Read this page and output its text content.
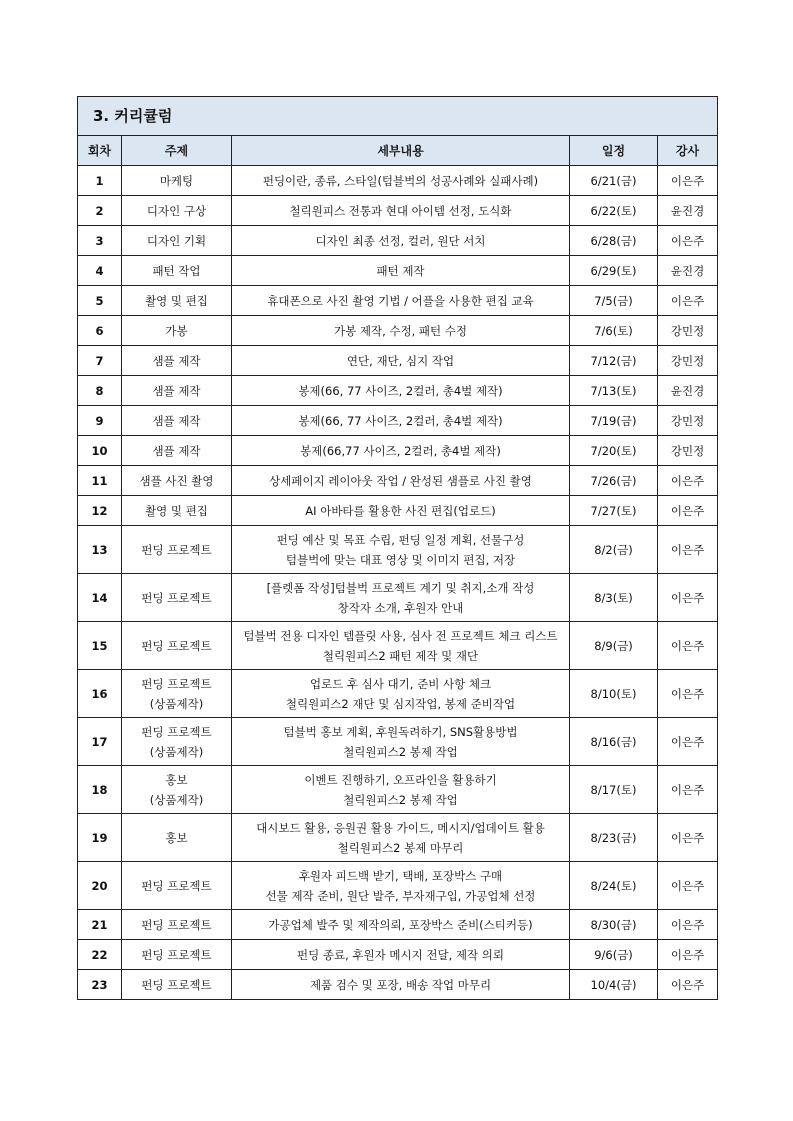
3. 커리큘럼				
회차	주제	세부내용	일정	강사
1	마케팅	펀딩이란, 종류, 스타일(텀블벅의 성공사례와 실패사례)	6/21(금)	이은주
2	디자인 구상	철릭원피스 전통과 현대 아이템 선정, 도식화	6/22(토)	윤진경
3	디자인 기획	디자인 최종 선정, 컬러, 원단 서치	6/28(금)	이은주
4	패턴 작업	패턴 제작	6/29(토)	윤진경
5	촬영 및 편집	휴대폰으로 사진 촬영 기법 / 어플을 사용한 편집 교육	7/5(금)	이은주
6	가봉	가봉 제작, 수정, 패턴 수정	7/6(토)	강민정
7	샘플 제작	연단, 재단, 심지 작업	7/12(금)	강민정
8	샘플 제작	봉제(66, 77 사이즈, 2컬러, 총4벌 제작)	7/13(토)	윤진경
9	샘플 제작	봉제(66, 77 사이즈, 2컬러, 총4벌 제작)	7/19(금)	강민정
10	샘플 제작	봉제(66,77 사이즈, 2컬러, 총4벌 제작)	7/20(토)	강민정
11	샘플 사진 촬영	상세페이지 레이아웃 작업 / 완성된 샘플로 사진 촬영	7/26(금)	이은주
12	촬영 및 편집	AI 아바타를 활용한 사진 편집(업로드)	7/27(토)	이은주
13	펀딩 프로젝트	펀딩 예산 및 목표 수립, 펀딩 일정 계획, 선물구성
텀블벅에 맞는 대표 영상 및 이미지 편집, 저장	8/2(금)	이은주
14	펀딩 프로젝트	[플렛폼 작성]텀블벅 프로젝트 계기 및 취지,소개 작성
창작자 소개, 후원자 안내	8/3(토)	이은주
15	펀딩 프로젝트	텀블벅 전용 디자인 템플릿 사용, 심사 전 프로젝트 체크 리스트
철릭원피스2 패턴 제작 및 재단	8/9(금)	이은주
16	펀딩 프로젝트
(상품제작)	업로드 후 심사 대기, 준비 사항 체크
철릭원피스2 재단 및 심지작업, 봉제 준비작업	8/10(토)	이은주
17	펀딩 프로젝트
(상품제작)	텀블벅 홍보 계획, 후원독려하기, SNS활용방법
철릭원피스2 봉제 작업	8/16(금)	이은주
18	홍보
(상품제작)	이벤트 진행하기, 오프라인을 활용하기
철릭원피스2 봉제 작업	8/17(토)	이은주
19	홍보	대시보드 활용, 응원권 활용 가이드, 메시지/업데이트 활용
철릭원피스2 봉제 마무리	8/23(금)	이은주
20	펀딩 프로젝트	후원자 피드백 받기, 택배, 포장박스 구매
선물 제작 준비, 원단 발주, 부자재구입, 가공업체 선정	8/24(토)	이은주
21	펀딩 프로젝트	가공업체 발주 및 제작의뢰, 포장박스 준비(스티커등)	8/30(금)	이은주
22	펀딩 프로젝트	펀딩 종료, 후원자 메시지 전달, 제작 의뢰	9/6(금)	이은주
23	펀딩 프로젝트	제품 검수 및 포장, 배송 작업 마무리	10/4(금)	이은주
